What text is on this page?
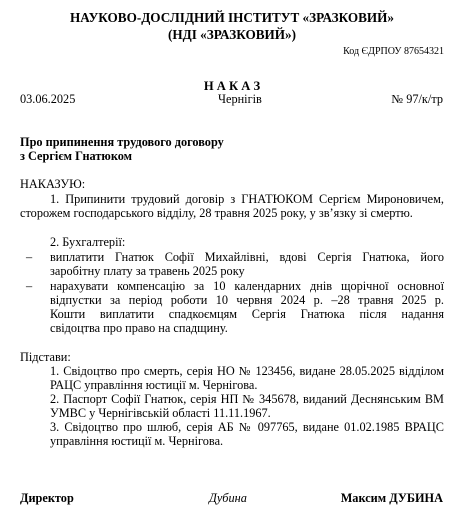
НАУКОВО-ДОСЛІДНИЙ ІНСТИТУТ «ЗРАЗКОВИЙ»
(НДІ «ЗРАЗКОВИЙ»)
Код ЄДРПОУ 87654321
Н А К А З
03.06.2025	Чернігів	№ 97/к/тр
Про припинення трудового договору
з Сергієм Гнатюком
НАКАЗУЮ:
1. Припинити трудовий договір з ГНАТЮКОМ Сергієм Мироновичем,
сторожем господарського відділу, 28 травня 2025 року, у зв’язку зі смертю.
2. Бухгалтерії:
– виплатити Гнатюк Софії Михайлівні, вдові Сергія Гнатюка, його
заробітну плату за травень 2025 року
– нарахувати компенсацію за 10 календарних днів щорічної основної
відпустки за період роботи 10 червня 2024 р. –28 травня 2025 р.
Кошти виплатити спадкоємцям Сергія Гнатюка після надання
свідоцтва про право на спадщину.
Підстави:
1. Свідоцтво про смерть, серія НО № 123456, видане 28.05.2025 відділом
РАЦС управління юстиції м. Чернігова.
2. Паспорт Софії Гнатюк, серія НП № 345678, виданий Деснянським ВМ
УМВС у Чернігівській області 11.11.1967.
3. Свідоцтво про шлюб, серія АБ № 097765, видане 01.02.1985 ВРАЦС
управління юстиції м. Чернігова.
Директор	Дубина	Максим ДУБИНА
